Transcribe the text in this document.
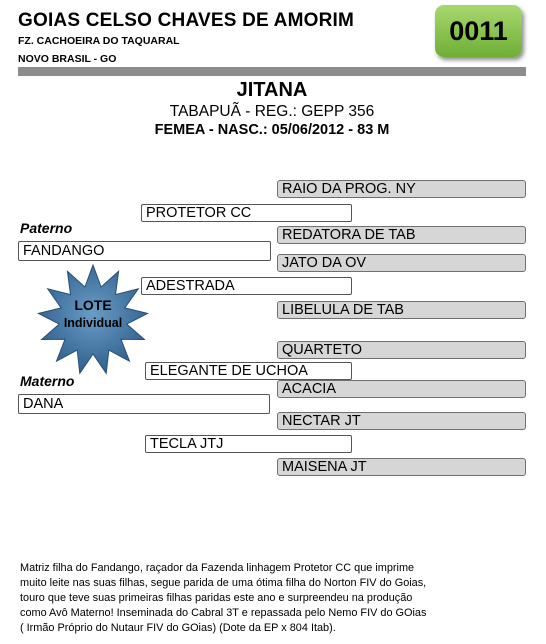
GOIAS CELSO CHAVES DE AMORIM
FZ. CACHOEIRA DO TAQUARAL
NOVO BRASIL - GO
0011
JITANA
TABAPUÃ - REG.: GEPP 356
FEMEA - NASC.: 05/06/2012 - 83 M
RAIO DA PROG. NY
PROTETOR CC
Paterno	REDATORA DE TAB
FANDANGO
JATO DA OV
ADESTRADA
LIBELULA DE TAB
QUARTETO
ELEGANTE DE UCHOA
Materno	ACACIA
DANA
NECTAR JT
TECLA JTJ
MAISENA JT
LOTE
Individual

Matriz filha do Fandango, raçador da Fazenda linhagem Protetor CC que imprime

muito leite nas suas filhas, segue parida de uma ótima filha do Norton FIV do Goias,

touro que teve suas primeiras filhas paridas este ano e surpreendeu na produção

como Avô Materno! Inseminada do Cabral 3T e repassada pelo Nemo FIV do GOias

( Irmão Próprio do Nutaur FIV do GOias) (Dote da EP x 804 Itab).
